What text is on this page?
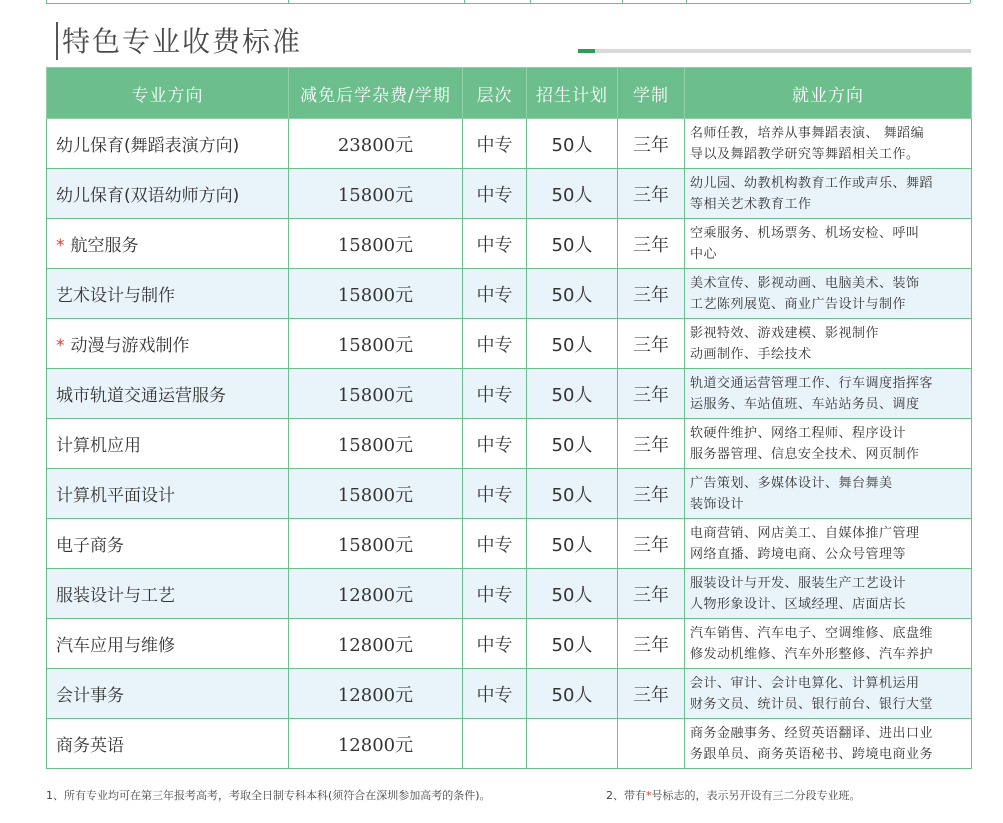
特色专业收费标准
专业方向	减免后学杂费/学期	层次	招生计划	学制	就业方向
幼儿保育(舞蹈表演方向)	23800元	中专	50人	三年	名师任教，培养从事舞蹈表演、 舞蹈编
导以及舞蹈教学研究等舞蹈相关工作。

幼儿保育(双语幼师方向)	15800元	中专	50人	三年	幼儿园、幼教机构教育工作或声乐、舞蹈
等相关艺术教育工作

* 航空服务	15800元	中专	50人	三年	空乘服务、机场票务、机场安检、呼叫
中心

艺术设计与制作	15800元	中专	50人	三年	美术宣传、影视动画、电脑美术、装饰
工艺陈列展览、商业广告设计与制作

* 动漫与游戏制作	15800元	中专	50人	三年	影视特效、游戏建模、影视制作
动画制作、手绘技术

城市轨道交通运营服务	15800元	中专	50人	三年	轨道交通运营管理工作、行车调度指挥客
运服务、车站值班、车站站务员、调度

计算机应用	15800元	中专	50人	三年	软硬件维护、网络工程师、程序设计
服务器管理、信息安全技术、网页制作

计算机平面设计	15800元	中专	50人	三年	广告策划、多媒体设计、舞台舞美
装饰设计

电子商务	15800元	中专	50人	三年	电商营销、网店美工、自媒体推广管理
网络直播、跨境电商、公众号管理等

服装设计与工艺	12800元	中专	50人	三年	服装设计与开发、服装生产工艺设计
人物形象设计、区域经理、店面店长

汽车应用与维修	12800元	中专	50人	三年	汽车销售、汽车电子、空调维修、底盘维
修发动机维修、汽车外形整修、汽车养护

会计事务	12800元	中专	50人	三年	会计、审计、会计电算化、计算机运用
财务文员、统计员、银行前台、银行大堂

商务英语	12800元				商务金融事务、经贸英语翻译、进出口业
务跟单员、商务英语秘书、跨境电商业务
1、所有专业均可在第三年报考高考，考取全日制专科本科(须符合在深圳参加高考的条件)。	2、带有*号标志的，表示另开设有三二分段专业班。
